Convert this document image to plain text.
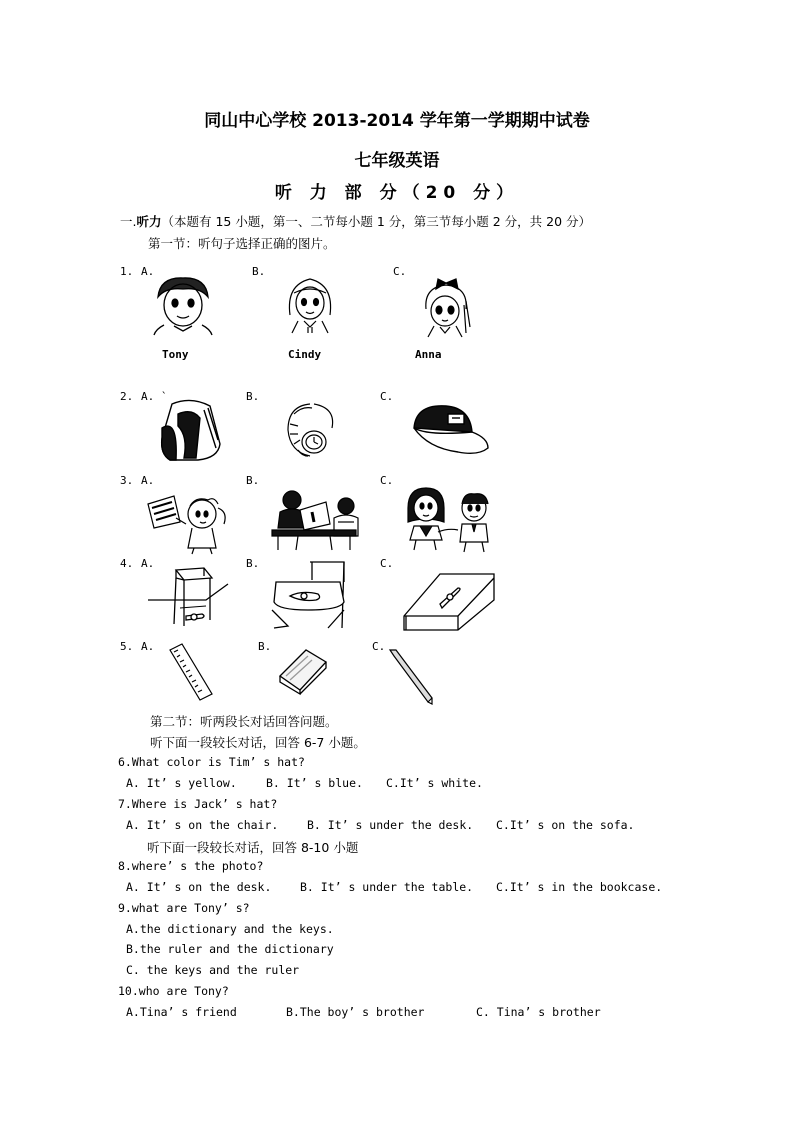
同山中心学校 2013-2014 学年第一学期期中试卷
七年级英语
听 力 部 分（20 分）
一.听力（本题有 15 小题，第一、二节每小题 1 分，第三节每小题 2 分，共 20 分）
第一节：听句子选择正确的图片。
1. A.	B.	C.
Tony	Cindy	Anna
2. A. `	B.	C.
3. A.	B.	C.
4. A.	B.	C.
5. A.	B.	C.
第二节：听两段长对话回答问题。
听下面一段较长对话，回答 6-7 小题。
6.What color is Tim’ s hat?
A. It’ s yellow.	B. It’ s blue. C.It’ s white.
7.Where is Jack’ s hat?
A. It’ s on the chair. B. It’ s under the desk. C.It’ s on the sofa.
听下面一段较长对话，回答 8-10 小题
8.where’ s the photo?
A. It’ s on the desk. B. It’ s under the table. C.It’ s in the bookcase.
9.what are Tony’ s?
A.the dictionary and the keys.
B.the ruler and the dictionary
C. the keys and the ruler
10.who are Tony?
A.Tina’ s friend	B.The boy’ s brother	C. Tina’ s brother
